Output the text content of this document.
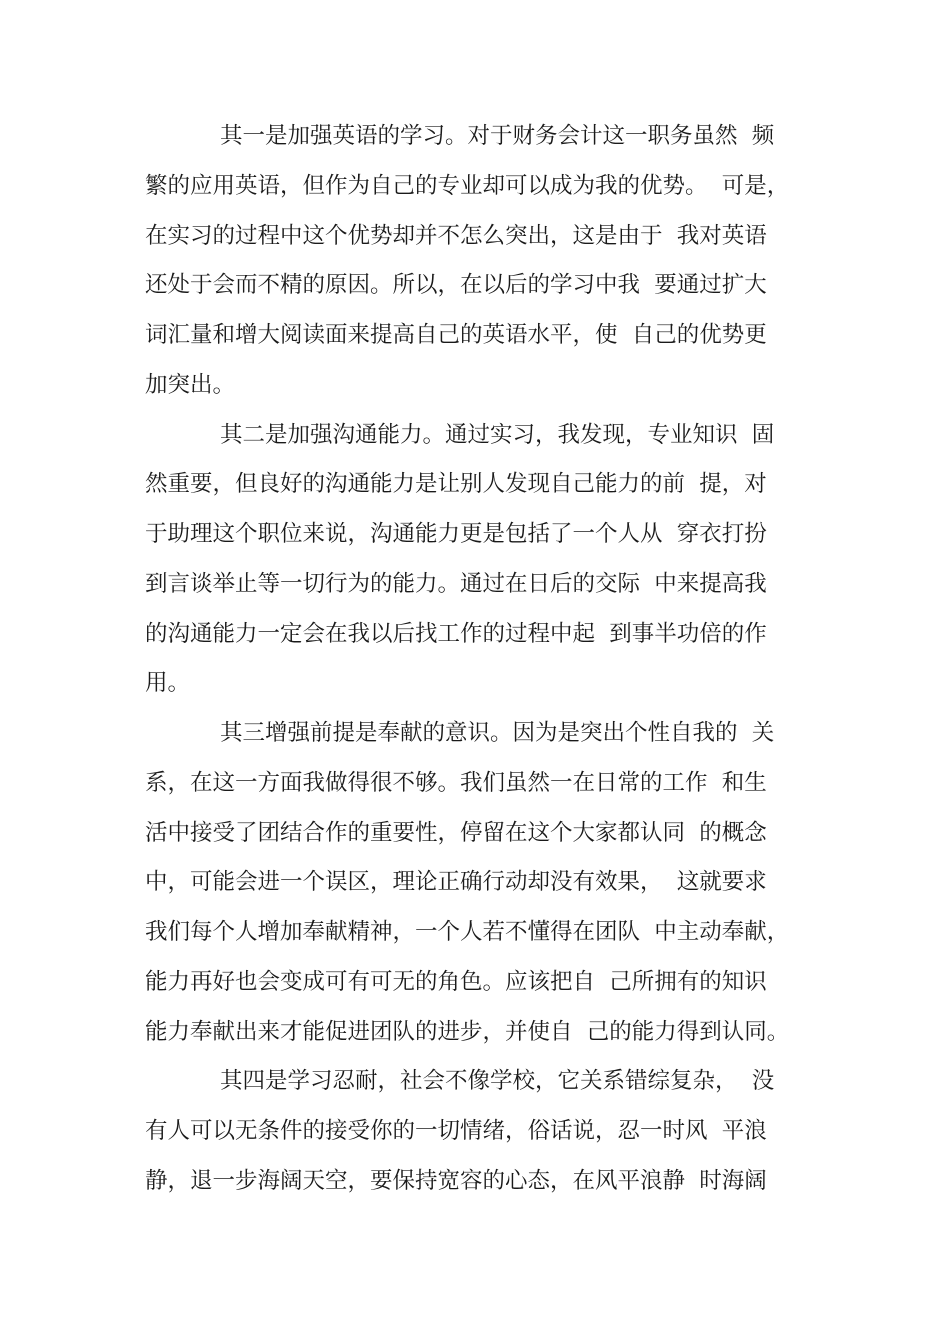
其一是加强英语的学习。对于财务会计这一职务虽然  频
繁的应用英语，但作为自己的专业却可以成为我的优势。  可是，
在实习的过程中这个优势却并不怎么突出，这是由于  我对英语
还处于会而不精的原因。所以，在以后的学习中我  要通过扩大
词汇量和增大阅读面来提高自己的英语水平，使  自己的优势更
加突出。
其二是加强沟通能力。通过实习，我发现，专业知识  固
然重要，但良好的沟通能力是让别人发现自己能力的前  提，对
于助理这个职位来说，沟通能力更是包括了一个人从  穿衣打扮
到言谈举止等一切行为的能力。通过在日后的交际  中来提高我
的沟通能力一定会在我以后找工作的过程中起  到事半功倍的作
用。
其三增强前提是奉献的意识。因为是突出个性自我的  关
系，在这一方面我做得很不够。我们虽然一在日常的工作  和生
活中接受了团结合作的重要性，停留在这个大家都认同  的概念
中，可能会进一个误区，理论正确行动却没有效果，  这就要求
我们每个人增加奉献精神，一个人若不懂得在团队  中主动奉献，
能力再好也会变成可有可无的角色。应该把自  己所拥有的知识
能力奉献出来才能促进团队的进步，并使自  己的能力得到认同。
其四是学习忍耐，社会不像学校，它关系错综复杂，  没
有人可以无条件的接受你的一切情绪，俗话说，忍一时风  平浪
静，退一步海阔天空，要保持宽容的心态，在风平浪静  时海阔
